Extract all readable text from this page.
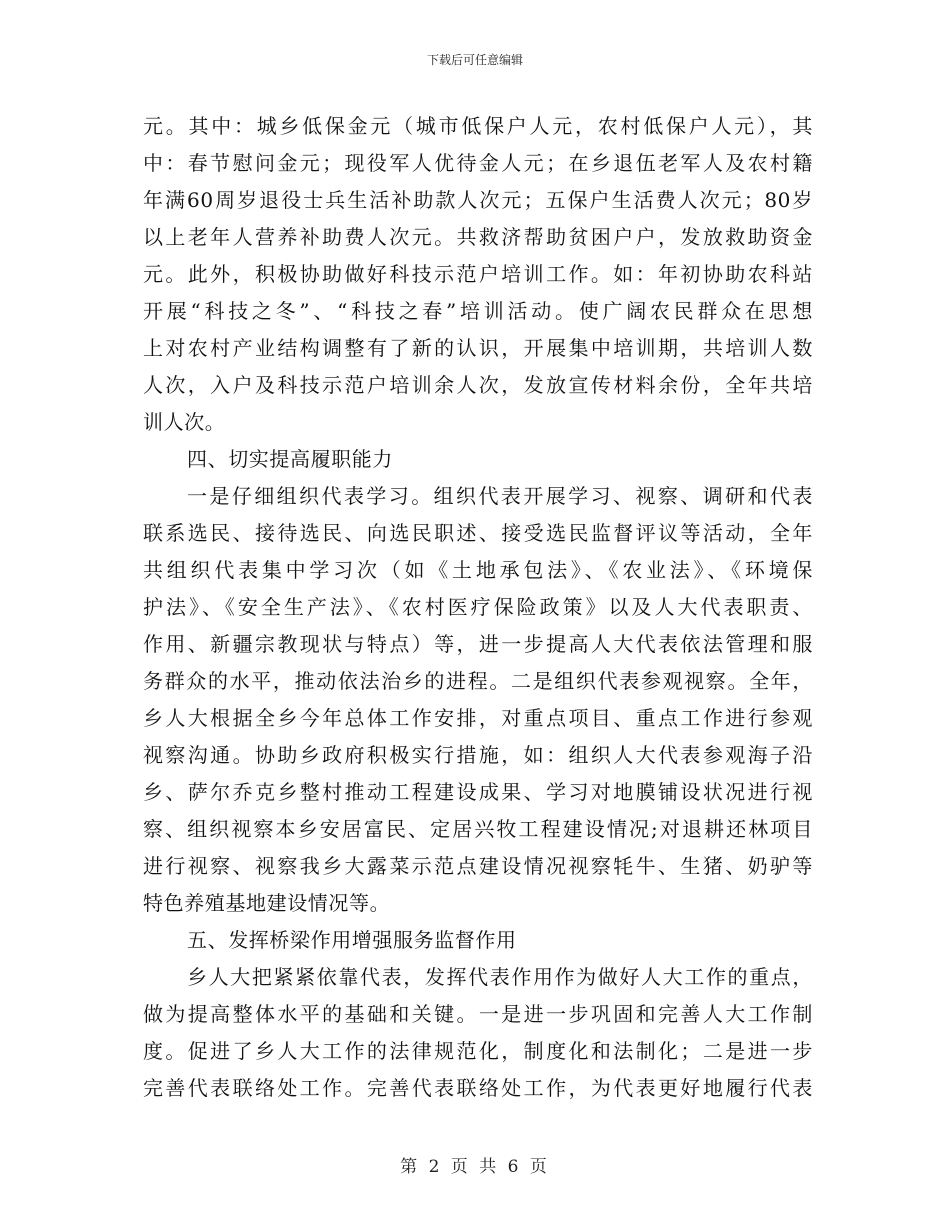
下载后可任意编辑
元。其中：城乡低保金元（城市低保户人元，农村低保户人元），其
中：春节慰问金元；现役军人优待金人元；在乡退伍老军人及农村籍
年满60周岁退役士兵生活补助款人次元；五保户生活费人次元；80岁
以上老年人营养补助费人次元。共救济帮助贫困户户，发放救助资金
元。此外，积极协助做好科技示范户培训工作。如：年初协助农科站
开展“科技之冬”、“科技之春”培训活动。使广阔农民群众在思想
上对农村产业结构调整有了新的认识，开展集中培训期，共培训人数
人次，入户及科技示范户培训余人次，发放宣传材料余份，全年共培
训人次。
四、切实提高履职能力
一是仔细组织代表学习。组织代表开展学习、视察、调研和代表
联系选民、接待选民、向选民职述、接受选民监督评议等活动，全年
共组织代表集中学习次（如《土地承包法》、《农业法》、《环境保
护法》、《安全生产法》、《农村医疗保险政策》以及人大代表职责、
作用、新疆宗教现状与特点）等，进一步提高人大代表依法管理和服
务群众的水平，推动依法治乡的进程。二是组织代表参观视察。全年，
乡人大根据全乡今年总体工作安排，对重点项目、重点工作进行参观
视察沟通。协助乡政府积极实行措施，如：组织人大代表参观海子沿
乡、萨尔乔克乡整村推动工程建设成果、学习对地膜铺设状况进行视
察、组织视察本乡安居富民、定居兴牧工程建设情况;对退耕还林项目
进行视察、视察我乡大露菜示范点建设情况视察牦牛、生猪、奶驴等
特色养殖基地建设情况等。
五、发挥桥梁作用增强服务监督作用
乡人大把紧紧依靠代表，发挥代表作用作为做好人大工作的重点，
做为提高整体水平的基础和关键。一是进一步巩固和完善人大工作制
度。促进了乡人大工作的法律规范化，制度化和法制化；二是进一步
完善代表联络处工作。完善代表联络处工作，为代表更好地履行代表
第 2 页 共 6 页
